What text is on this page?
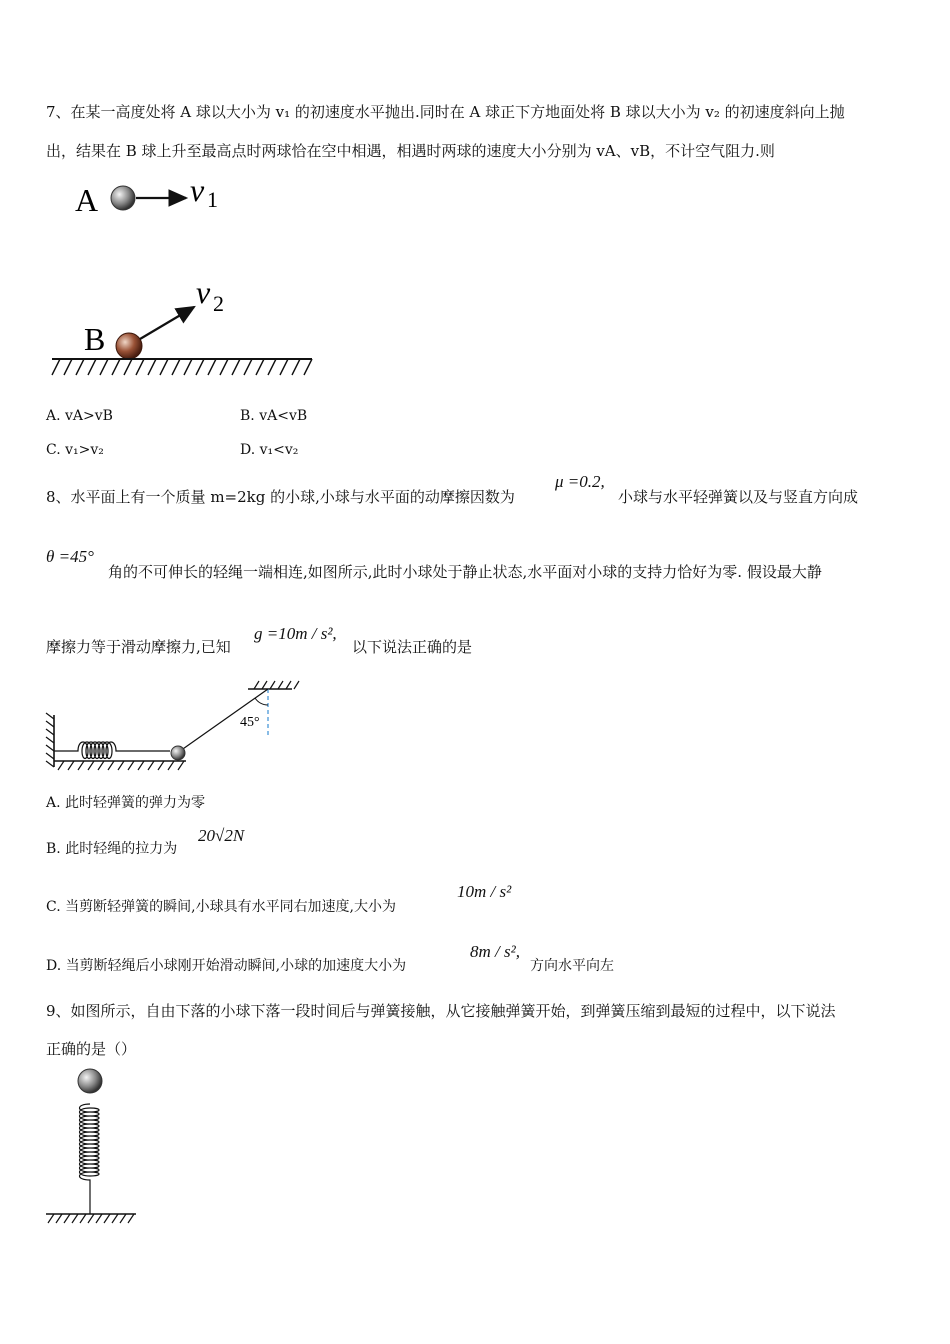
7、在某一高度处将 A 球以大小为 v₁ 的初速度水平抛出.同时在 A 球正下方地面处将 B 球以大小为 v₂ 的初速度斜向上抛
出，结果在 B 球上升至最高点时两球恰在空中相遇，相遇时两球的速度大小分别为 vA、vB，不计空气阻力.则
A	v 1
B
v 2
A. vA>vB	B. vA<vB
C. v₁>v₂	D. v₁<v₂
8、水平面上有一个质量 m=2kg 的小球,小球与水平面的动摩擦因数为
μ =0.2,
小球与水平轻弹簧以及与竖直方向成
θ =45°
角的不可伸长的轻绳一端相连,如图所示,此时小球处于静止状态,水平面对小球的支持力恰好为零. 假设最大静
摩擦力等于滑动摩擦力,已知
g =10m / s²,
以下说法正确的是
45°
A. 此时轻弹簧的弹力为零
B. 此时轻绳的拉力为
20√2N
C. 当剪断轻弹簧的瞬间,小球具有水平同右加速度,大小为
10m / s²
D. 当剪断轻绳后小球刚开始滑动瞬间,小球的加速度大小为
8m / s²,
方向水平向左
9、如图所示，自由下落的小球下落一段时间后与弹簧接触，从它接触弹簧开始，到弹簧压缩到最短的过程中，以下说法
正确的是（）
